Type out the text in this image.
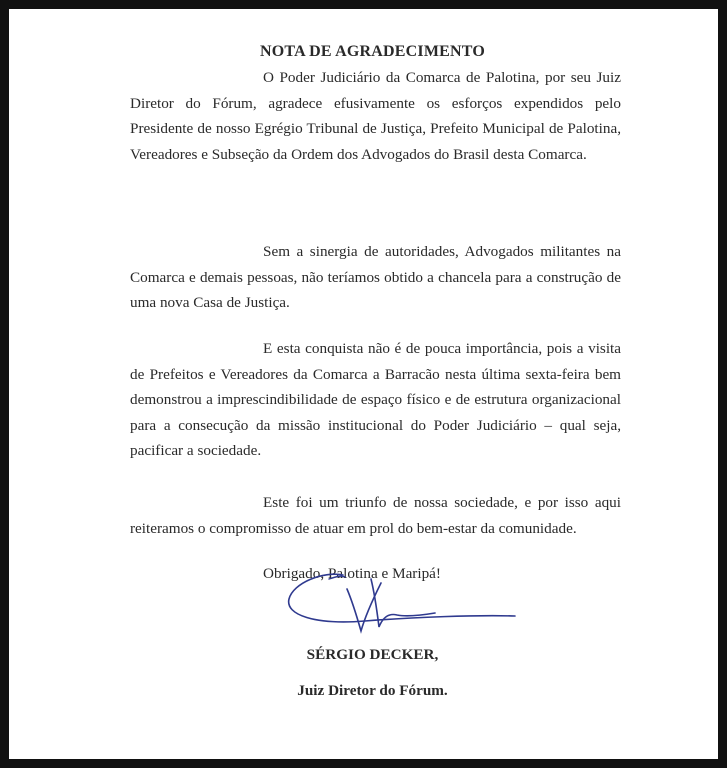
NOTA DE AGRADECIMENTO

O Poder Judiciário da Comarca de Palotina, por seu Juiz Diretor do Fórum, agradece efusivamente os esforços expendidos pelo Presidente de nosso Egrégio Tribunal de Justiça, Prefeito Municipal de Palotina, Vereadores e Subseção da Ordem dos Advogados do Brasil desta Comarca.

Sem a sinergia de autoridades, Advogados militantes na Comarca e demais pessoas, não teríamos obtido a chancela para a construção de uma nova Casa de Justiça.

E esta conquista não é de pouca importância, pois a visita de Prefeitos e Vereadores da Comarca a Barracão nesta última sexta-feira bem demonstrou a imprescindibilidade de espaço físico e de estrutura organizacional para a consecução da missão institucional do Poder Judiciário – qual seja, pacificar a sociedade.

Este foi um triunfo de nossa sociedade, e por isso aqui reiteramos o compromisso de atuar em prol do bem-estar da comunidade.

Obrigado, Palotina e Maripá!
SÉRGIO DECKER,
Juiz Diretor do Fórum.
